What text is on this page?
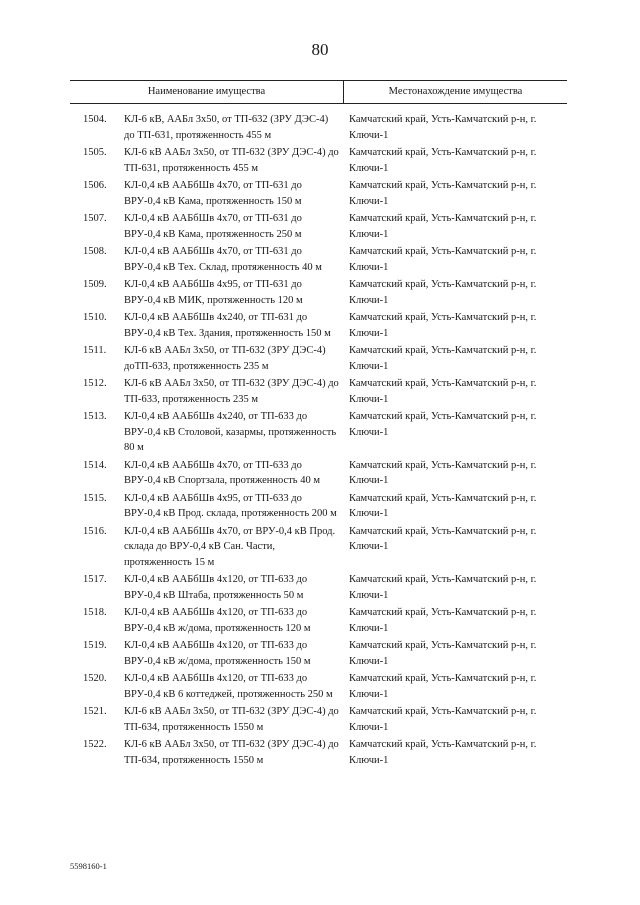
80
Наименование имущества	Местонахождение имущества
1504. КЛ-6 кВ, ААБл 3х50, от ТП-632 (ЗРУ ДЭС-4) до ТП-631, протяженность 455 м
Камчатский край, Усть-Камчатский р-н, г. Ключи-1
1505. КЛ-6 кВ ААБл 3х50, от ТП-632 (ЗРУ ДЭС-4) до ТП-631, протяженность 455 м
Камчатский край, Усть-Камчатский р-н, г. Ключи-1
1506. КЛ-0,4 кВ ААБбШв 4х70, от ТП-631 до ВРУ-0,4 кВ Кама, протяженность 150 м
Камчатский край, Усть-Камчатский р-н, г. Ключи-1
1507. КЛ-0,4 кВ ААБбШв 4х70, от ТП-631 до ВРУ-0,4 кВ Кама, протяженность 250 м
Камчатский край, Усть-Камчатский р-н, г. Ключи-1
1508. КЛ-0,4 кВ ААБбШв 4х70, от ТП-631 до ВРУ-0,4 кВ Тех. Склад, протяженность 40 м
Камчатский край, Усть-Камчатский р-н, г. Ключи-1
1509. КЛ-0,4 кВ ААБбШв 4х95, от ТП-631 до ВРУ-0,4 кВ МИК, протяженность 120 м
Камчатский край, Усть-Камчатский р-н, г. Ключи-1
1510. КЛ-0,4 кВ ААБбШв 4х240, от ТП-631 до ВРУ-0,4 кВ Тех. Здания, протяженность 150 м
Камчатский край, Усть-Камчатский р-н, г. Ключи-1
1511. КЛ-6 кВ ААБл 3х50, от ТП-632 (ЗРУ ДЭС-4) доТП-633, протяженность 235 м
Камчатский край, Усть-Камчатский р-н, г. Ключи-1
1512. КЛ-6 кВ ААБл 3х50, от ТП-632 (ЗРУ ДЭС-4) до ТП-633, протяженность 235 м
Камчатский край, Усть-Камчатский р-н, г. Ключи-1
1513. КЛ-0,4 кВ ААБбШв 4х240, от ТП-633 до ВРУ-0,4 кВ Столовой, казармы, протяженность 80 м
Камчатский край, Усть-Камчатский р-н, г. Ключи-1
1514. КЛ-0,4 кВ ААБбШв 4х70, от ТП-633 до ВРУ-0,4 кВ Спортзала, протяженность 40 м
Камчатский край, Усть-Камчатский р-н, г. Ключи-1
1515. КЛ-0,4 кВ ААБбШв 4х95, от ТП-633 до ВРУ-0,4 кВ Прод. склада, протяженность 200 м
Камчатский край, Усть-Камчатский р-н, г. Ключи-1
1516. КЛ-0,4 кВ ААБбШв 4х70, от ВРУ-0,4 кВ Прод. склада до ВРУ-0,4 кВ Сан. Части, протяженность 15 м
Камчатский край, Усть-Камчатский р-н, г. Ключи-1
1517. КЛ-0,4 кВ ААБбШв 4х120, от ТП-633 до ВРУ-0,4 кВ Штаба, протяженность 50 м
Камчатский край, Усть-Камчатский р-н, г. Ключи-1
1518. КЛ-0,4 кВ ААБбШв 4х120, от ТП-633 до ВРУ-0,4 кВ ж/дома, протяженность 120 м
Камчатский край, Усть-Камчатский р-н, г. Ключи-1
1519. КЛ-0,4 кВ ААБбШв 4х120, от ТП-633 до ВРУ-0,4 кВ ж/дома, протяженность 150 м
Камчатский край, Усть-Камчатский р-н, г. Ключи-1
1520. КЛ-0,4 кВ ААБбШв 4х120, от ТП-633 до ВРУ-0,4 кВ 6 коттеджей, протяженность 250 м
Камчатский край, Усть-Камчатский р-н, г. Ключи-1
1521. КЛ-6 кВ ААБл 3х50, от ТП-632 (ЗРУ ДЭС-4) до ТП-634, протяженность 1550 м
Камчатский край, Усть-Камчатский р-н, г. Ключи-1
1522. КЛ-6 кВ ААБл 3х50, от ТП-632 (ЗРУ ДЭС-4) до ТП-634, протяженность 1550 м
Камчатский край, Усть-Камчатский р-н, г. Ключи-1
5598160-1
